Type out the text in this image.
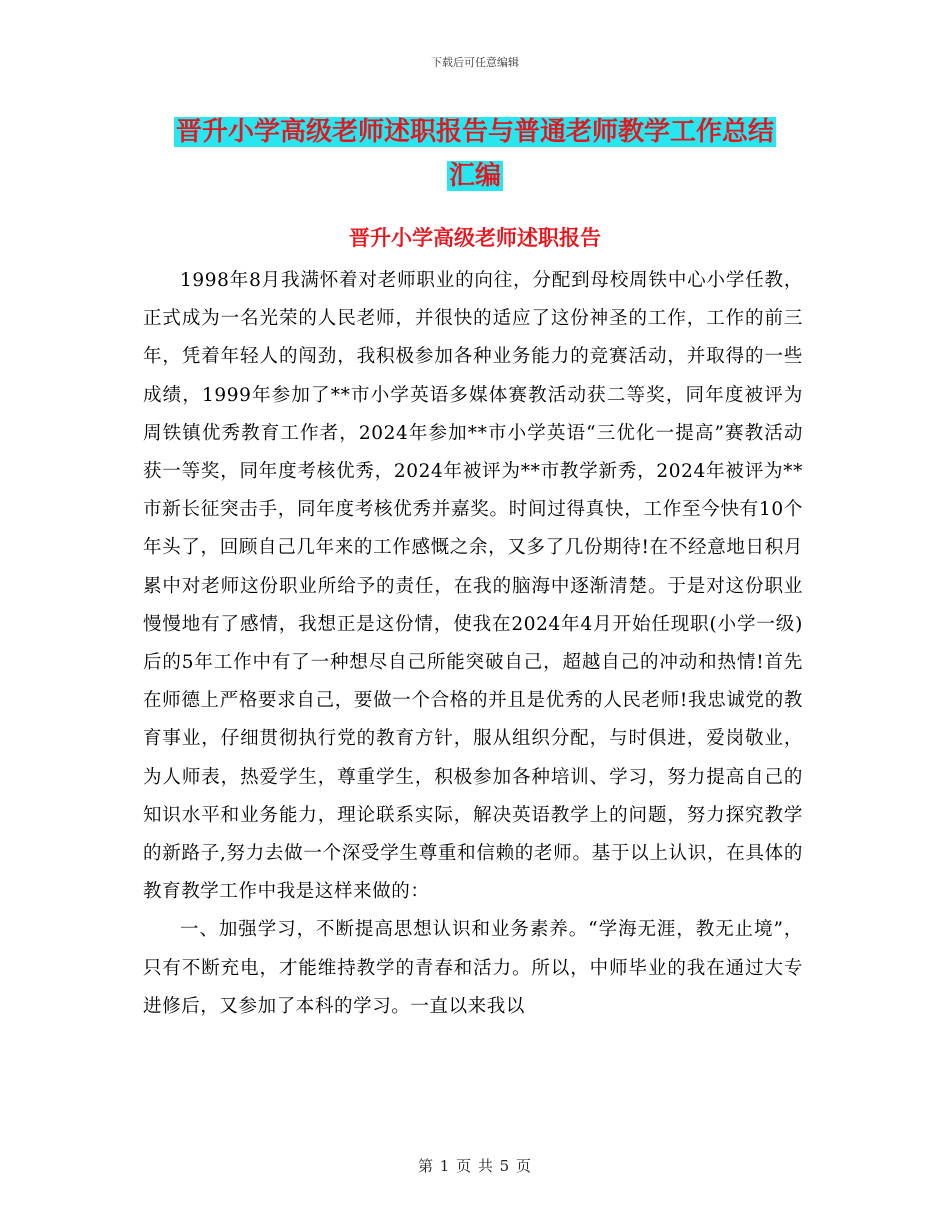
下载后可任意编辑
晋升小学高级老师述职报告与普通老师教学工作总结
汇编
晋升小学高级老师述职报告

1998年8月我满怀着对老师职业的向往，分配到母校周铁中心小学任教，正式成为一名光荣的人民老师，并很快的适应了这份神圣的工作，工作的前三年，凭着年轻人的闯劲，我积极参加各种业务能力的竞赛活动，并取得的一些成绩，1999年参加了**市小学英语多媒体赛教活动获二等奖，同年度被评为周铁镇优秀教育工作者，2024年参加**市小学英语“三优化一提高”赛教活动获一等奖，同年度考核优秀，2024年被评为**市教学新秀，2024年被评为**市新长征突击手，同年度考核优秀并嘉奖。时间过得真快，工作至今快有10个年头了，回顾自己几年来的工作感慨之余，又多了几份期待!在不经意地日积月累中对老师这份职业所给予的责任，在我的脑海中逐渐清楚。于是对这份职业慢慢地有了感情，我想正是这份情，使我在2024年4月开始任现职(小学一级)后的5年工作中有了一种想尽自己所能突破自己，超越自己的冲动和热情!首先在师德上严格要求自己，要做一个合格的并且是优秀的人民老师!我忠诚党的教育事业，仔细贯彻执行党的教育方针，服从组织分配，与时俱进，爱岗敬业，为人师表，热爱学生，尊重学生，积极参加各种培训、学习，努力提高自己的知识水平和业务能力，理论联系实际，解决英语教学上的问题，努力探究教学的新路子,努力去做一个深受学生尊重和信赖的老师。基于以上认识，在具体的教育教学工作中我是这样来做的：

一、加强学习，不断提高思想认识和业务素养。“学海无涯，教无止境”，只有不断充电，才能维持教学的青春和活力。所以，中师毕业的我在通过大专进修后，又参加了本科的学习。一直以来我以

第 1 页 共 5 页
